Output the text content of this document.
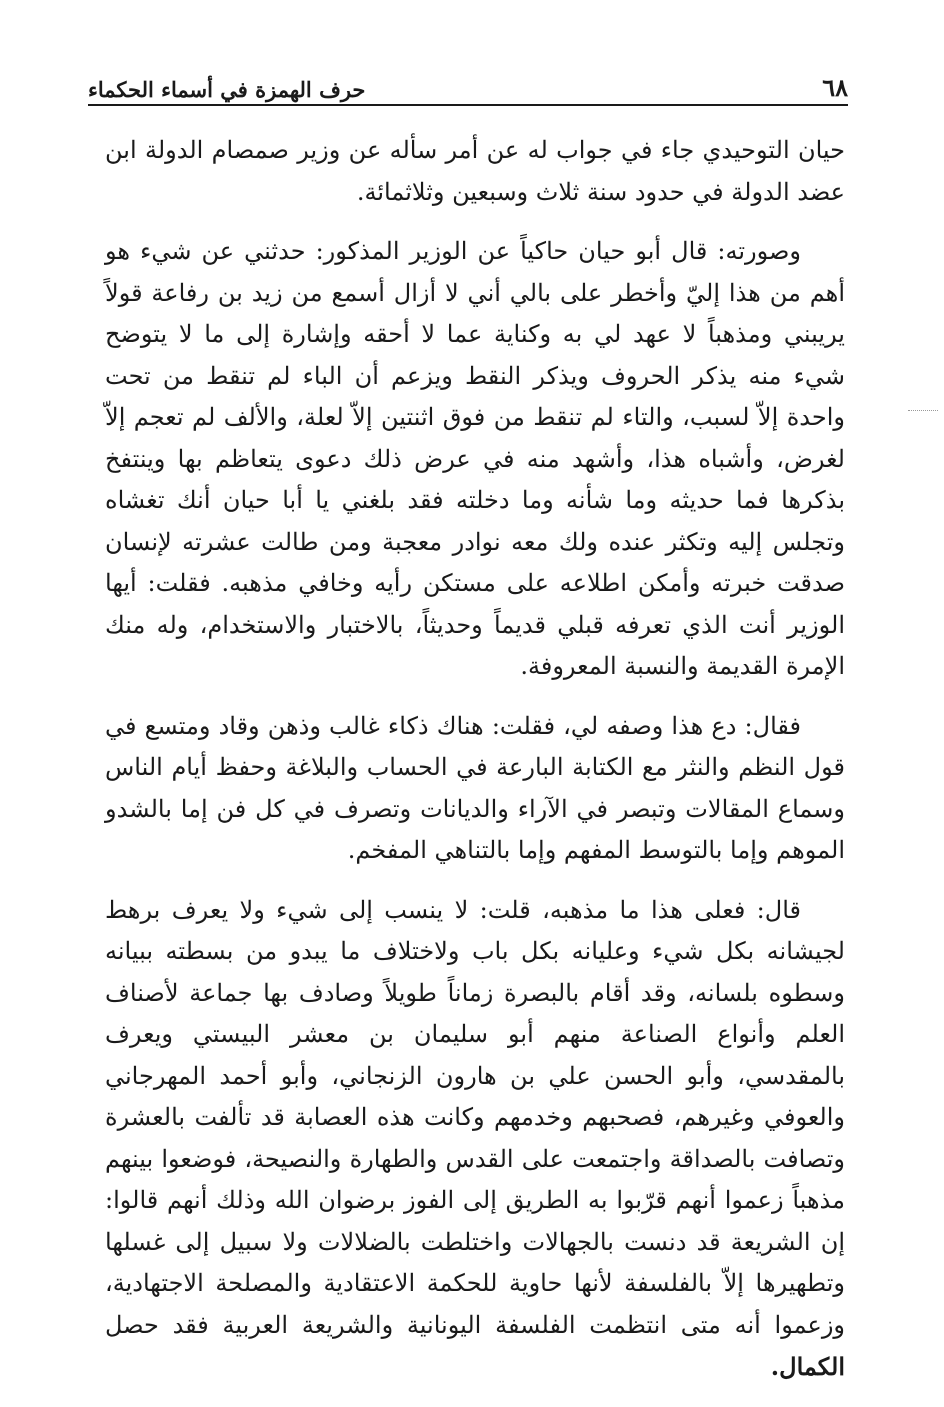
٦٨
حرف الهمزة في أسماء الحكماء

حيان التوحيدي جاء في جواب له عن أمر سأله عن وزير صمصام الدولة ابن عضد الدولة في حدود سنة ثلاث وسبعين وثلاثمائة.

وصورته: قال أبو حيان حاكياً عن الوزير المذكور: حدثني عن شيء هو أهم من هذا إليّ وأخطر على بالي أني لا أزال أسمع من زيد بن رفاعة قولاً يريبني ومذهباً لا عهد لي به وكناية عما لا أحقه وإشارة إلى ما لا يتوضح شيء منه يذكر الحروف ويذكر النقط ويزعم أن الباء لم تنقط من تحت واحدة إلاّ لسبب، والتاء لم تنقط من فوق اثنتين إلاّ لعلة، والألف لم تعجم إلاّ لغرض، وأشباه هذا، وأشهد منه في عرض ذلك دعوى يتعاظم بها وينتفخ بذكرها فما حديثه وما شأنه وما دخلته فقد بلغني يا أبا حيان أنك تغشاه وتجلس إليه وتكثر عنده ولك معه نوادر معجبة ومن طالت عشرته لإنسان صدقت خبرته وأمكن اطلاعه على مستكن رأيه وخافي مذهبه. فقلت: أيها الوزير أنت الذي تعرفه قبلي قديماً وحديثاً، بالاختبار والاستخدام، وله منك الإمرة القديمة والنسبة المعروفة.

فقال: دع هذا وصفه لي، فقلت: هناك ذكاء غالب وذهن وقاد ومتسع في قول النظم والنثر مع الكتابة البارعة في الحساب والبلاغة وحفظ أيام الناس وسماع المقالات وتبصر في الآراء والديانات وتصرف في كل فن إما بالشدو الموهم وإما بالتوسط المفهم وإما بالتناهي المفخم.

قال: فعلى هذا ما مذهبه، قلت: لا ينسب إلى شيء ولا يعرف برهط لجيشانه بكل شيء وعليانه بكل باب ولاختلاف ما يبدو من بسطته ببيانه وسطوه بلسانه، وقد أقام بالبصرة زماناً طويلاً وصادف بها جماعة لأصناف العلم وأنواع الصناعة منهم أبو سليمان بن معشر البيستي ويعرف بالمقدسي، وأبو الحسن علي بن هارون الزنجاني، وأبو أحمد المهرجاني والعوفي وغيرهم، فصحبهم وخدمهم وكانت هذه العصابة قد تألفت بالعشرة وتصافت بالصداقة واجتمعت على القدس والطهارة والنصيحة، فوضعوا بينهم مذهباً زعموا أنهم قرّبوا به الطريق إلى الفوز برضوان الله وذلك أنهم قالوا: إن الشريعة قد دنست بالجهالات واختلطت بالضلالات ولا سبيل إلى غسلها وتطهيرها إلاّ بالفلسفة لأنها حاوية للحكمة الاعتقادية والمصلحة الاجتهادية، وزعموا أنه متى انتظمت الفلسفة اليونانية والشريعة العربية فقد حصل الكمال.
